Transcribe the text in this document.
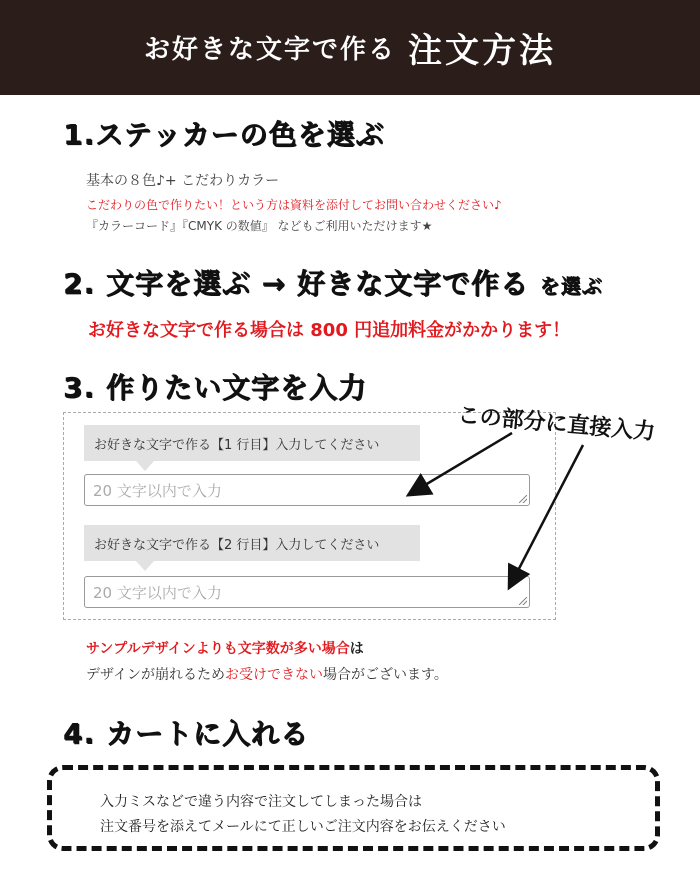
お好きな文字で作る 注文方法
1.ステッカーの色を選ぶ
基本の８色♪+ こだわりカラー
こだわりの色で作りたい！という方は資料を添付してお問い合わせください♪
『カラーコード』『CMYK の数値』 などもご利用いただけます★
2. 文字を選ぶ → 好きな文字で作る を選ぶ
お好きな文字で作る場合は 800 円追加料金がかかります！
3. 作りたい文字を入力
お好きな文字で作る【1 行目】入力してください
20 文字以内で入力
お好きな文字で作る【2 行目】入力してください
20 文字以内で入力
この部分に直接入力
サンプルデザインよりも文字数が多い場合は
デザインが崩れるためお受けできない場合がございます。
4. カートに入れる
入力ミスなどで違う内容で注文してしまった場合は
注文番号を添えてメールにて正しいご注文内容をお伝えください
